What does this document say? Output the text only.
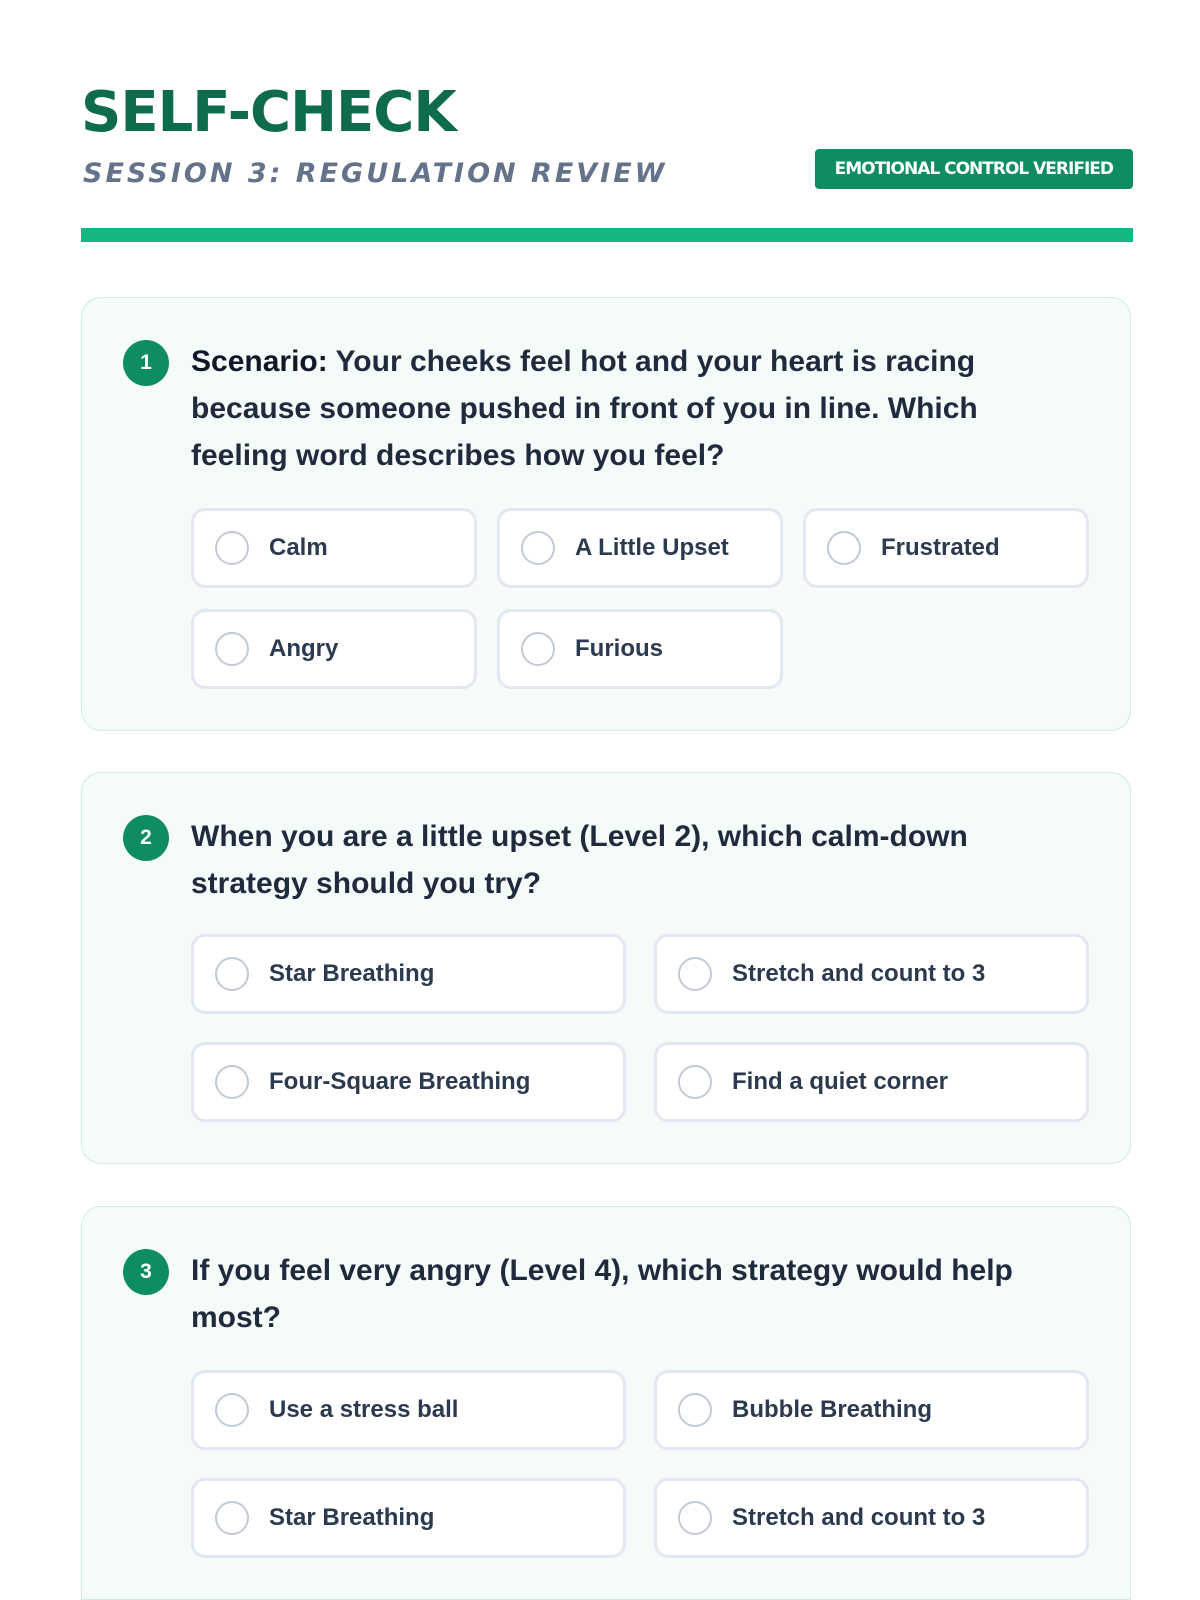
SELF-CHECK
SESSION 3: REGULATION REVIEW	EMOTIONAL CONTROL VERIFIED
1	Scenario: Your cheeks feel hot and your heart is racing because someone pushed in front of you in line. Which feeling word describes how you feel?
Calm	A Little Upset	Frustrated
Angry	Furious
2	When you are a little upset (Level 2), which calm-down strategy should you try?
Star Breathing	Stretch and count to 3
Four-Square Breathing	Find a quiet corner
3	If you feel very angry (Level 4), which strategy would help most?
Use a stress ball	Bubble Breathing
Star Breathing	Stretch and count to 3
